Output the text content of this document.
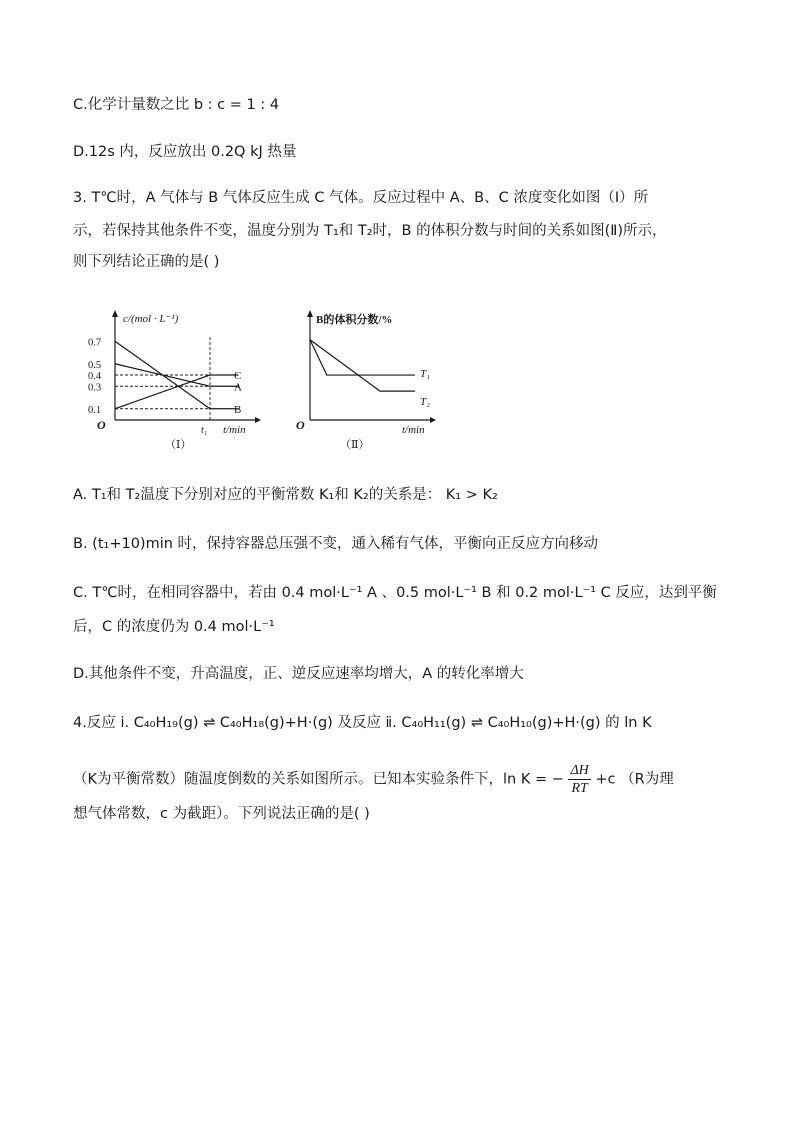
C.化学计量数之比 b : c = 1 : 4
D.12s 内，反应放出 0.2Q kJ 热量
3. T℃时，A 气体与 B 气体反应生成 C 气体。反应过程中 A、B、C 浓度变化如图（Ⅰ）所
示，若保持其他条件不变，温度分别为 T₁和 T₂时，B 的体积分数与时间的关系如图(Ⅱ)所示，
则下列结论正确的是( )
c/(mol · L⁻¹)
t/min
O	t₁
（Ⅰ）
0.7
0.5
0.4
0.3
0.1
C
A
B
B的体积分数/%
t/min
O
（Ⅱ）
T₁
T₂
A. T₁和 T₂温度下分别对应的平衡常数 K₁和 K₂的关系是： K₁ > K₂
B. (t₁+10)min 时，保持容器总压强不变，通入稀有气体，平衡向正反应方向移动
C. T℃时，在相同容器中，若由 0.4 mol·L⁻¹ A 、0.5 mol·L⁻¹ B 和 0.2 mol·L⁻¹ C 反应，达到平衡
后，C 的浓度仍为 0.4 mol·L⁻¹
D.其他条件不变，升高温度，正、逆反应速率均增大，A 的转化率增大
4.反应 ⅰ. C₄₀H₁₉(g) ⇌ C₄₀H₁₈(g)+H·(g) 及反应 ⅱ. C₄₀H₁₁(g) ⇌ C₄₀H₁₀(g)+H·(g) 的 ln K
（K为平衡常数）随温度倒数的关系如图所示。已知本实验条件下，ln K = − $\frac{\Delta H}{RT} +c$ （R为理
想气体常数，c 为截距）。下列说法正确的是( )
